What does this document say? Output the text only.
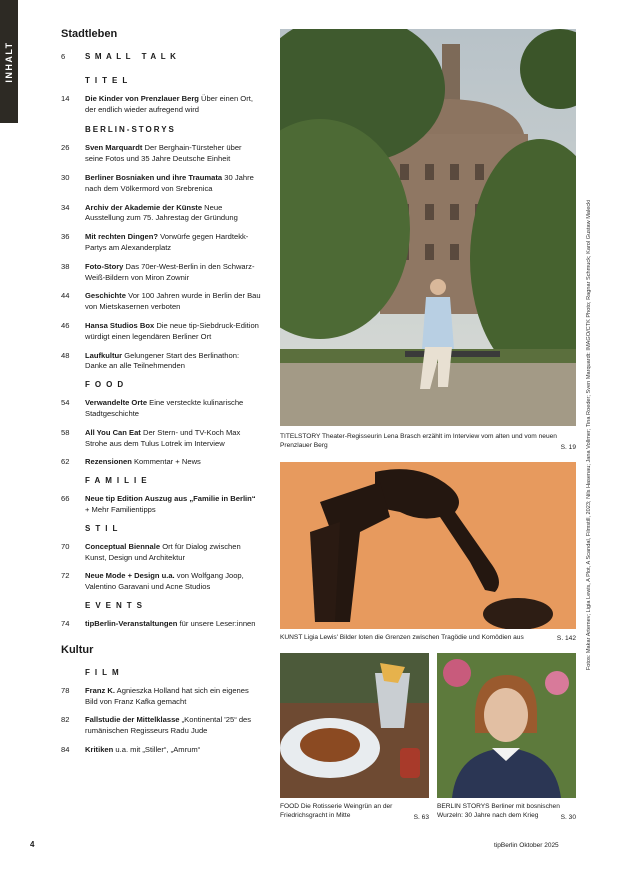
INHALT
Stadtleben
6	SMALL TALK
TITEL
14	Die Kinder von Prenzlauer Berg Über einen Ort, der endlich wieder aufregend wird
BERLIN-STORYS
26	Sven Marquardt Der Berghain-Türsteher über seine Fotos und 35 Jahre Deutsche Einheit
30	Berliner Bosniaken und ihre Traumata 30 Jahre nach dem Völkermord von Srebrenica
34	Archiv der Akademie der Künste Neue Ausstellung zum 75. Jahrestag der Gründung
36	Mit rechten Dingen? Vorwürfe gegen Hardtekk-Partys am Alexanderplatz
38	Foto-Story Das 70er-West-Berlin in den Schwarz-Weiß-Bildern von Miron Zownir
44	Geschichte Vor 100 Jahren wurde in Berlin der Bau von Mietskasernen verboten
46	Hansa Studios Box Die neue tip-Siebdruck-Edition würdigt einen legendären Berliner Ort
48	Laufkultur Gelungener Start des Berlinathon: Danke an alle Teilnehmenden
FOOD
54	Verwandelte Orte Eine versteckte kulinarische Stadtgeschichte
58	All You Can Eat Der Stern- und TV-Koch Max Strohe aus dem Tulus Lotrek im Interview
62	Rezensionen Kommentar + News
FAMILIE
66	Neue tip Edition Auszug aus „Familie in Berlin“ + Mehr Familientipps
STIL
70	Conceptual Biennale Ort für Dialog zwischen Kunst, Design und Architektur
72	Neue Mode + Design u.a. von Wolfgang Joop, Valentino Garavani und Acne Studios
EVENTS
74	tipBerlin-Veranstaltungen für unsere Leser:innen
Kultur
FILM
78	Franz K. Agnieszka Holland hat sich ein eigenes Bild von Franz Kafka gemacht
82	Fallstudie der Mittelklasse „Kontinental '25“ des rumänischen Regisseurs Radu Jude
84	Kritiken u.a. mit „Stiller“, „Amrum“
TITELSTORY Theater-Regisseurin Lena Brasch erzählt im Interview vom alten und vom neuen Prenzlauer Berg	S. 19
KUNST Ligia Lewis' Bilder loten die Grenzen zwischen Tragödie und Komödien aus	S. 142
FOOD Die Rotisserie Weingrün an der Friedrichsgracht in Mitte	S. 63
BERLIN STORYS Berliner mit bosnischen Wurzeln: 30 Jahre nach dem Krieg	S. 30
Fotos: Makar Artemev; Ligia Lewis, A Plot, A Scandal, Filmstill, 2023; Nils Hasenau; Jana Vollmer; Tina Roeder; Sven Marquardt: IMAGO/CTK Photo; Ragnar Schmuck; Karol Gustaw Malecki
4	tipBerlin Oktober 2025
